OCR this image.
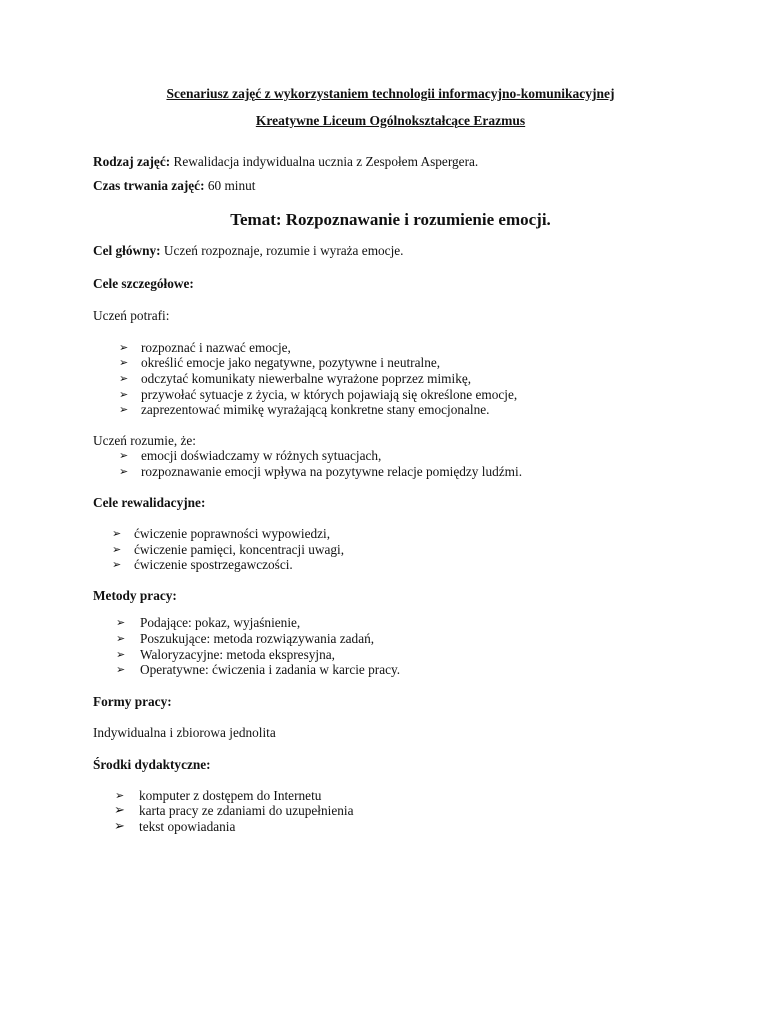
Scenariusz zajęć z wykorzystaniem technologii informacyjno-komunikacyjnej
Kreatywne Liceum Ogólnokształcące Erazmus
Rodzaj zajęć: Rewalidacja indywidualna ucznia z Zespołem Aspergera.
Czas trwania zajęć: 60 minut
Temat: Rozpoznawanie i rozumienie emocji.
Cel główny: Uczeń rozpoznaje, rozumie i wyraża emocje.
Cele szczegółowe:
Uczeń potrafi:
➢ rozpoznać i nazwać emocje,
➢ określić emocje jako negatywne, pozytywne i neutralne,
➢ odczytać komunikaty niewerbalne wyrażone poprzez mimikę,
➢ przywołać sytuacje z życia, w których pojawiają się określone emocje,
➢ zaprezentować mimikę wyrażającą konkretne stany emocjonalne.
Uczeń rozumie, że:
➢ emocji doświadczamy w różnych sytuacjach,
➢ rozpoznawanie emocji wpływa na pozytywne relacje pomiędzy ludźmi.
Cele rewalidacyjne:
➢ ćwiczenie poprawności wypowiedzi,
➢ ćwiczenie pamięci, koncentracji uwagi,
➢ ćwiczenie spostrzegawczości.
Metody pracy:
➢ Podające: pokaz, wyjaśnienie,
➢ Poszukujące: metoda rozwiązywania zadań,
➢ Waloryzacyjne: metoda ekspresyjna,
➢ Operatywne: ćwiczenia i zadania w karcie pracy.
Formy pracy:
Indywidualna i zbiorowa jednolita
Środki dydaktyczne:
➢ komputer z dostępem do Internetu
➢ karta pracy ze zdaniami do uzupełnienia
➢ tekst opowiadania
